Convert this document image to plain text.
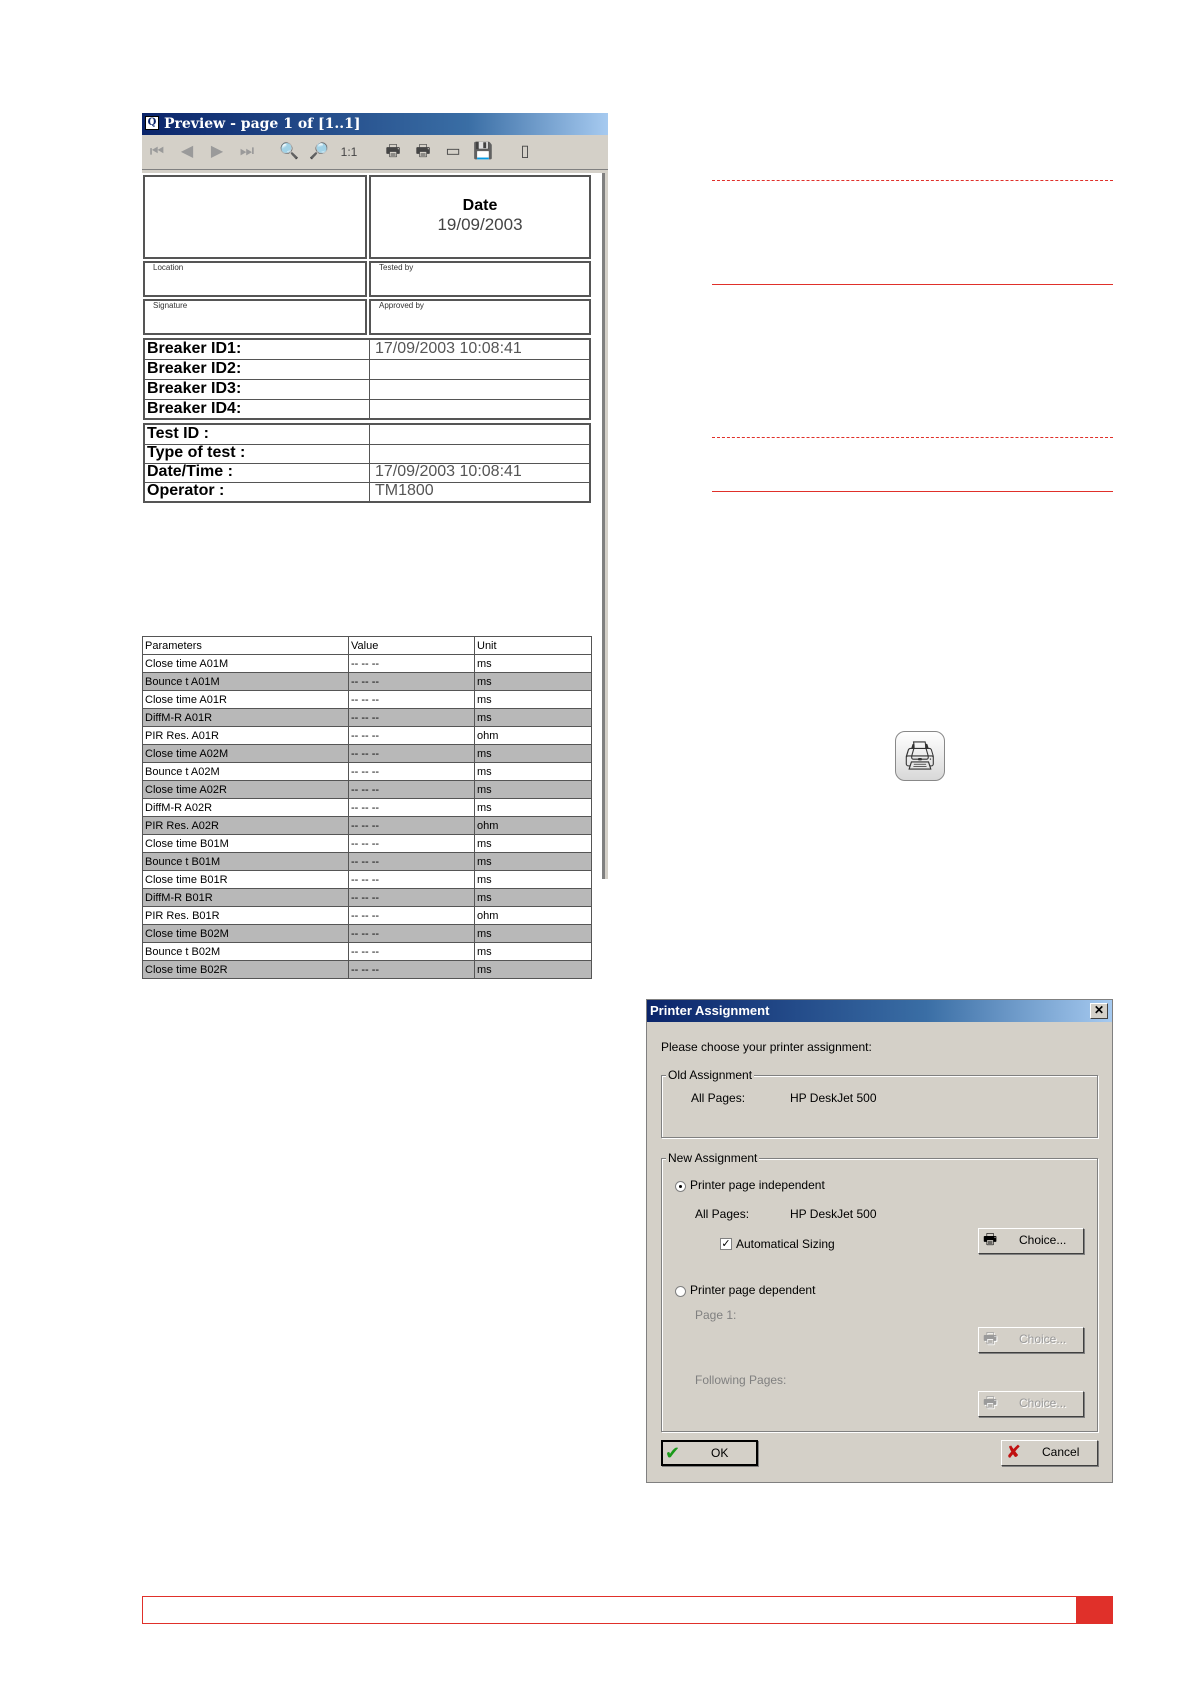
Q Preview - page 1 of [1..1]
⏮	◀	▶	⏭ 🔍 🔎 1:1 🖶 🖶 ▭ 💾	▯
Date
19/09/2003
Location	Tested by
Signature	Approved by
Breaker ID1:	17/09/2003 10:08:41
Breaker ID2:
Breaker ID3:
Breaker ID4:
Test ID :
Type of test :
Date/Time :	17/09/2003 10:08:41
Operator :	TM1800
Parameters	Value	Unit
Close time A01M	-- -- --	ms
Bounce t A01M	-- -- --	ms
Close time A01R	-- -- --	ms
DiffM-R A01R	-- -- --	ms
PIR Res. A01R	-- -- --	ohm
Close time A02M	-- -- --	ms
Bounce t A02M	-- -- --	ms
Close time A02R	-- -- --	ms
DiffM-R A02R	-- -- --	ms
PIR Res. A02R	-- -- --	ohm
Close time B01M	-- -- --	ms
Bounce t B01M	-- -- --	ms
Close time B01R	-- -- --	ms
DiffM-R B01R	-- -- --	ms
PIR Res. B01R	-- -- --	ohm
Close time B02M	-- -- --	ms
Bounce t B02M	-- -- --	ms
Close time B02R	-- -- --	ms
🖨
Printer Assignment	✕
Please choose your printer assignment:
Old Assignment
All Pages:	HP DeskJet 500
New Assignment
Printer page independent
All Pages:	HP DeskJet 500
✓ Automatical Sizing	🖶 Choice...
Printer page dependent
Page 1:
🖶 Choice...
Following Pages:
🖶 Choice...
✔	OK	✘ Cancel
